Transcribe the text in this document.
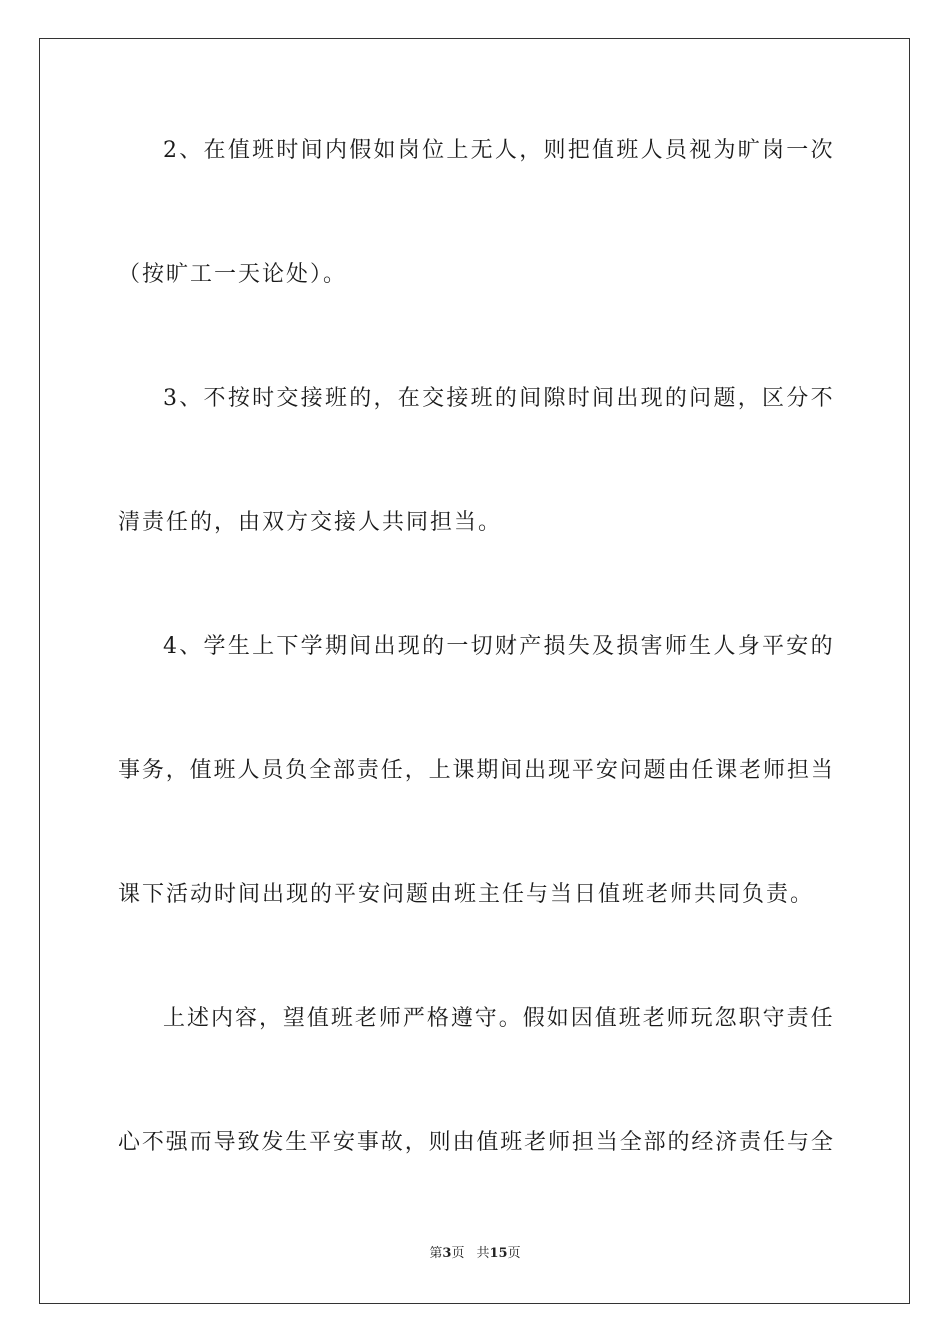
2 、 在 值 班 时 间 内 假 如 岗 位 上 无 人 ， 则 把 值 班 人 员 视 为 旷 岗 一 次
（按旷工一天论处）。
3 、 不 按 时 交 接 班 的 ， 在 交 接 班 的 间 隙 时 间 出 现 的 问 题 ， 区 分 不
清责任的，由双方交接人共同担当。
4 、 学 生 上 下 学 期 间 出 现 的 一 切 财 产 损 失 及 损 害 师 生 人 身 平 安 的
事 务 ， 值 班 人 员 负 全 部 责 任 ， 上 课 期 间 出 现 平 安 问 题 由 任 课 老 师 担 当
课下活动时间出现的平安问题由班主任与当日值班老师共同负责。
上 述 内 容 ， 望 值 班 老 师 严 格 遵 守 。 假 如 因 值 班 老 师 玩 忽 职 守 责 任
心 不 强 而 导 致 发 生 平 安 事 故 ， 则 由 值 班 老 师 担 当 全 部 的 经 济 责 任 与 全
第3页 共15页
